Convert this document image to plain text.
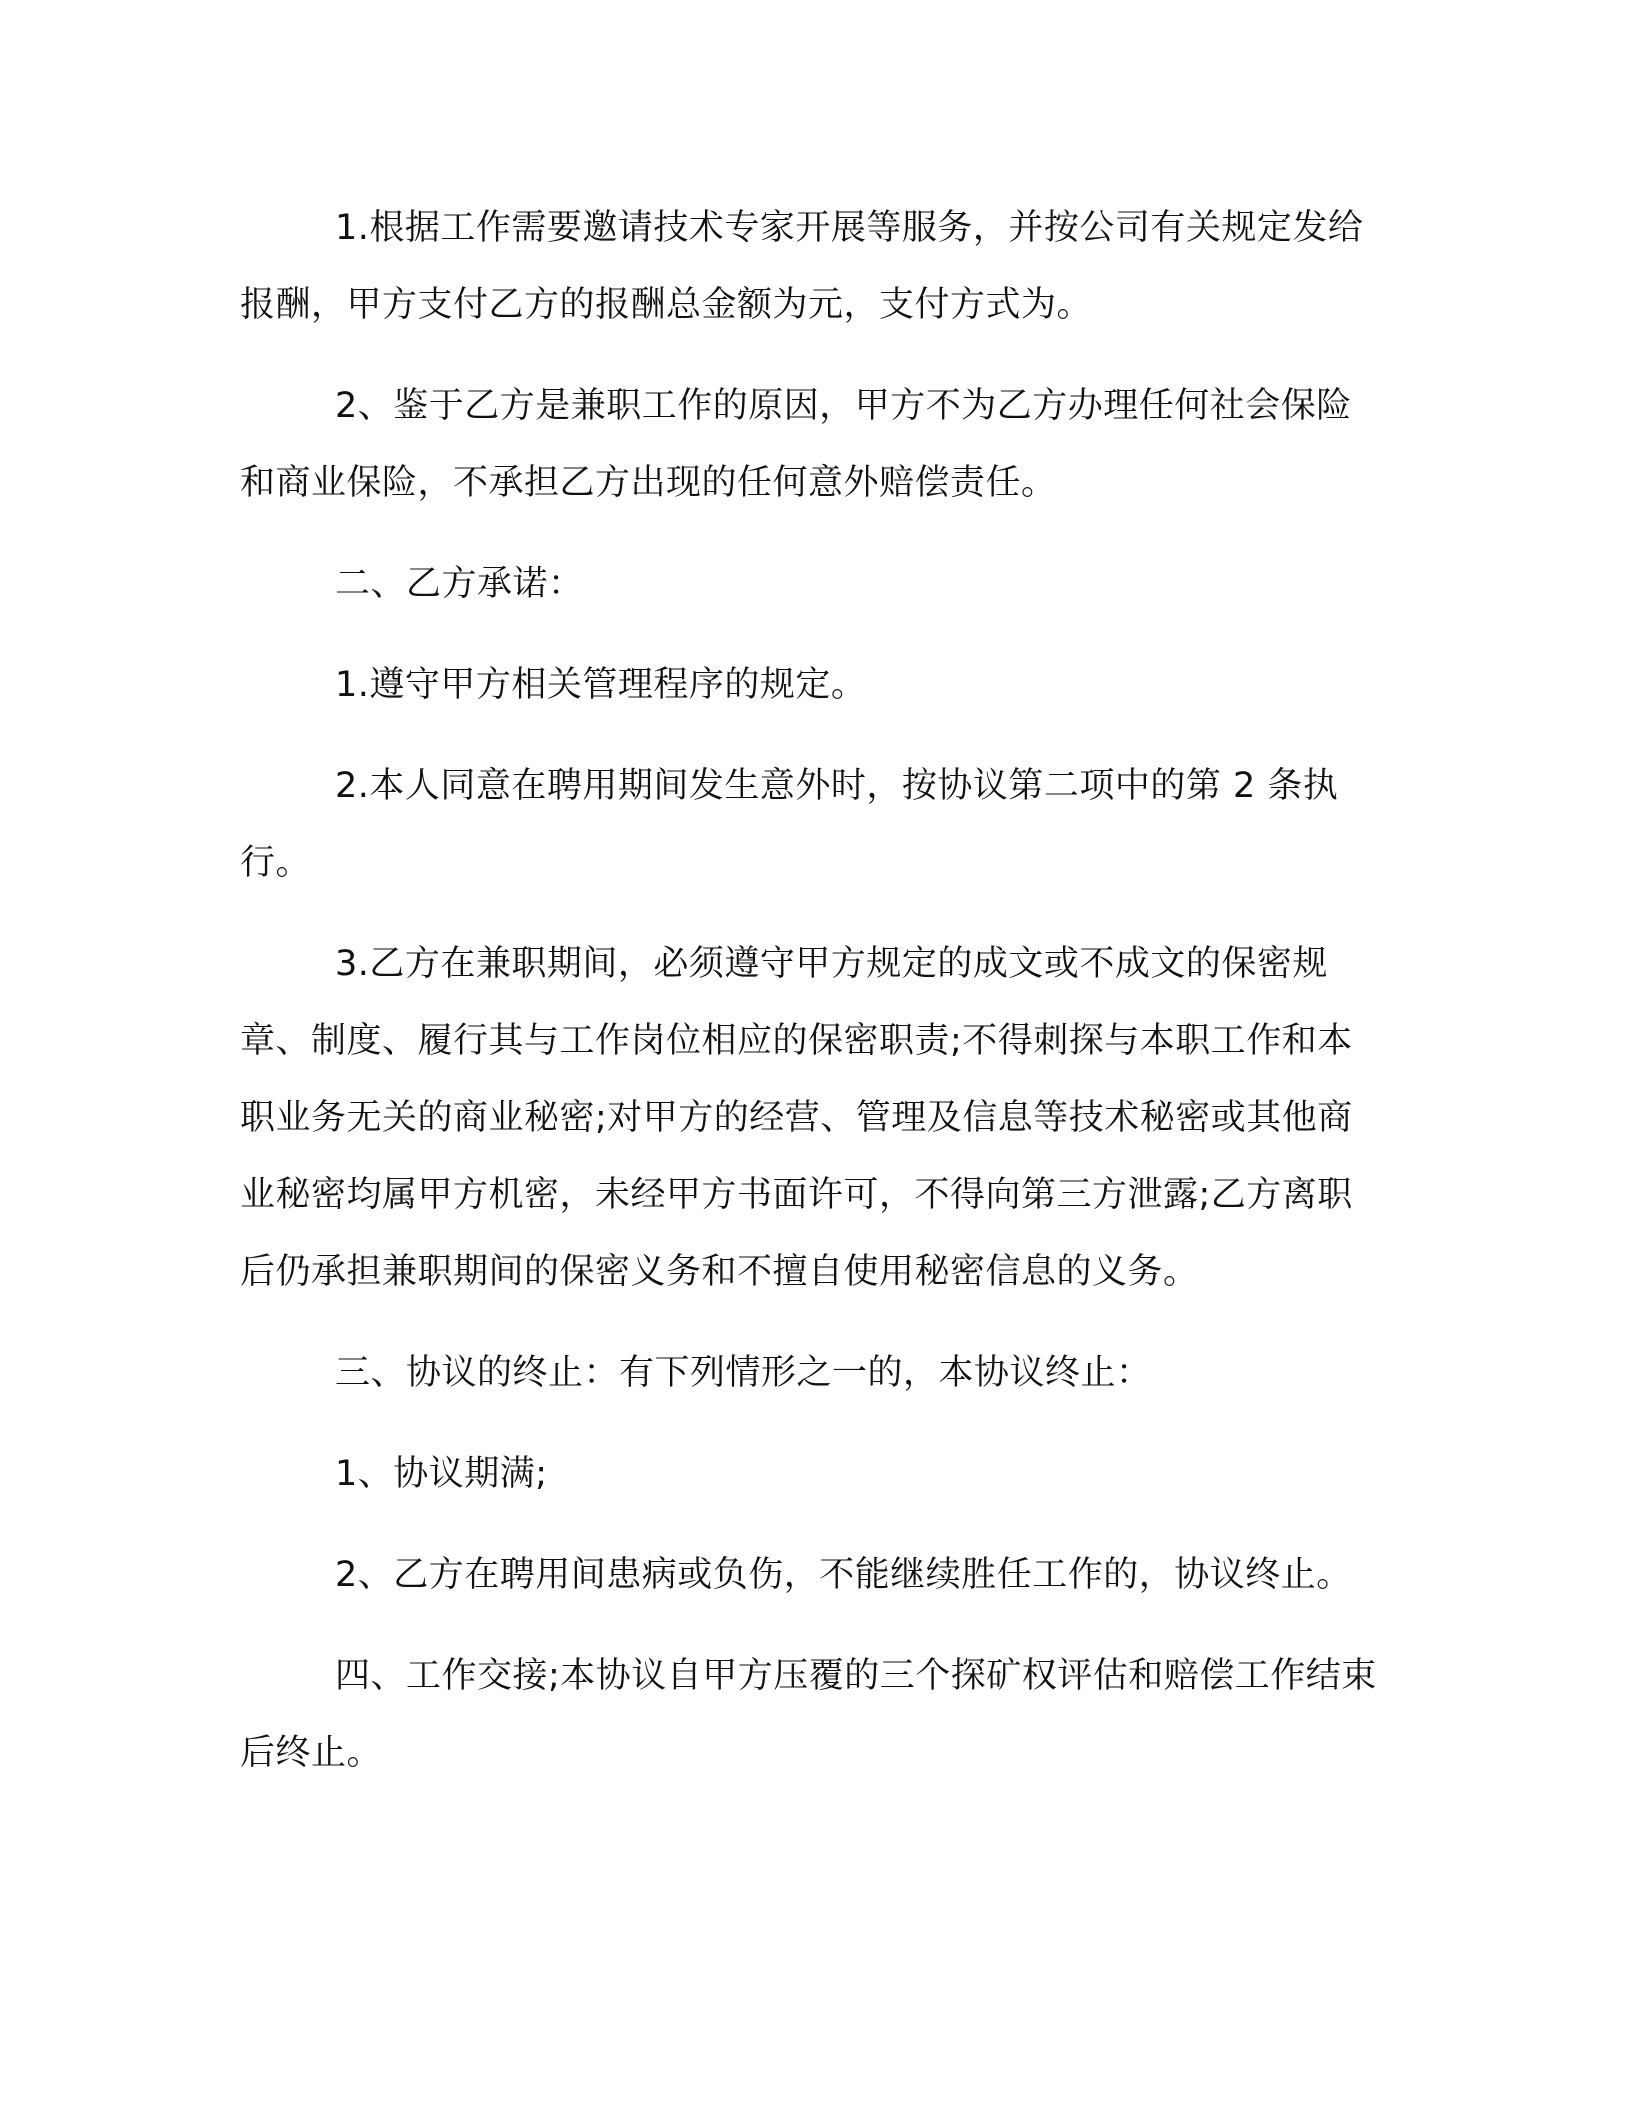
1.根据工作需要邀请技术专家开展等服务，并按公司有关规定发给报酬，甲方支付乙方的报酬总金额为元，支付方式为。

2、鉴于乙方是兼职工作的原因，甲方不为乙方办理任何社会保险和商业保险，不承担乙方出现的任何意外赔偿责任。

二、乙方承诺：

1.遵守甲方相关管理程序的规定。

2.本人同意在聘用期间发生意外时，按协议第二项中的第 2 条执行。

3.乙方在兼职期间，必须遵守甲方规定的成文或不成文的保密规章、制度、履行其与工作岗位相应的保密职责;不得刺探与本职工作和本职业务无关的商业秘密;对甲方的经营、管理及信息等技术秘密或其他商业秘密均属甲方机密，未经甲方书面许可，不得向第三方泄露;乙方离职后仍承担兼职期间的保密义务和不擅自使用秘密信息的义务。

三、协议的终止：有下列情形之一的，本协议终止：

1、协议期满;

2、乙方在聘用间患病或负伤，不能继续胜任工作的，协议终止。

四、工作交接;本协议自甲方压覆的三个探矿权评估和赔偿工作结束后终止。
